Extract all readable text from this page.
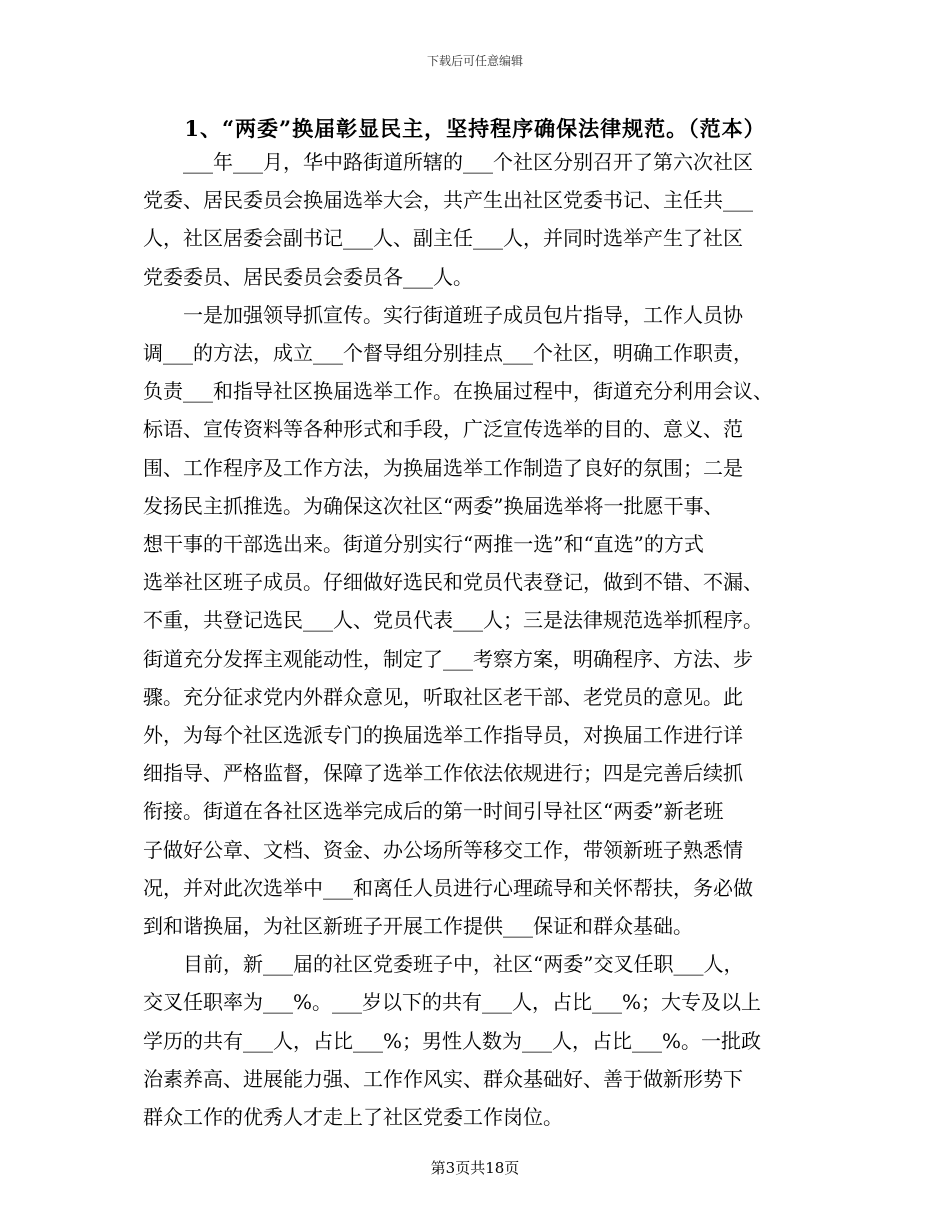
下载后可任意编辑
1、“两委”换届彰显民主，坚持程序确保法律规范。（范本）

___年___月，华中路街道所辖的___个社区分别召开了第六次社区
党委、居民委员会换届选举大会，共产生出社区党委书记、主任共___
人，社区居委会副书记___人、副主任___人，并同时选举产生了社区
党委委员、居民委员会委员各___人。

一是加强领导抓宣传。实行街道班子成员包片指导，工作人员协
调___的方法，成立___个督导组分别挂点___个社区，明确工作职责，
负责___和指导社区换届选举工作。在换届过程中，街道充分利用会议、
标语、宣传资料等各种形式和手段，广泛宣传选举的目的、意义、范
围、工作程序及工作方法，为换届选举工作制造了良好的氛围；二是
发扬民主抓推选。为确保这次社区“两委”换届选举将一批愿干事、
想干事的干部选出来。街道分别实行“两推一选”和“直选”的方式
选举社区班子成员。仔细做好选民和党员代表登记，做到不错、不漏、
不重，共登记选民___人、党员代表___人；三是法律规范选举抓程序。
街道充分发挥主观能动性，制定了___考察方案，明确程序、方法、步
骤。充分征求党内外群众意见，听取社区老干部、老党员的意见。此
外，为每个社区选派专门的换届选举工作指导员，对换届工作进行详
细指导、严格监督，保障了选举工作依法依规进行；四是完善后续抓
衔接。街道在各社区选举完成后的第一时间引导社区“两委”新老班
子做好公章、文档、资金、办公场所等移交工作，带领新班子熟悉情
况，并对此次选举中___和离任人员进行心理疏导和关怀帮扶，务必做
到和谐换届，为社区新班子开展工作提供___保证和群众基础。

目前，新___届的社区党委班子中，社区“两委”交叉任职___人，
交叉任职率为___%。___岁以下的共有___人，占比___%；大专及以上
学历的共有___人，占比___%；男性人数为___人，占比___%。一批政
治素养高、进展能力强、工作作风实、群众基础好、善于做新形势下
群众工作的优秀人才走上了社区党委工作岗位。

第3页共18页
